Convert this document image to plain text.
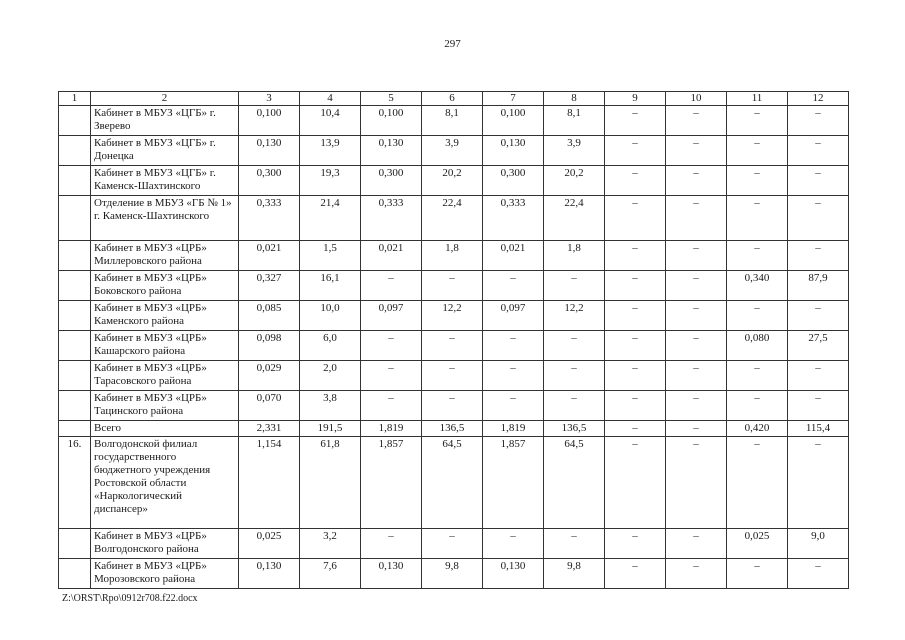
297
1	2	3	4	5	6	7	8	9	10	11	12
	Кабинет в МБУЗ «ЦГБ» г. Зверево	0,100	10,4	0,100	8,1	0,100	8,1	–	–	–	–
	Кабинет в МБУЗ «ЦГБ» г. Донецка	0,130	13,9	0,130	3,9	0,130	3,9	–	–	–	–
	Кабинет в МБУЗ «ЦГБ» г. Каменск-Шахтинского	0,300	19,3	0,300	20,2	0,300	20,2	–	–	–	–
	Отделение в МБУЗ «ГБ № 1» г. Каменск-Шахтинского	0,333	21,4	0,333	22,4	0,333	22,4	–	–	–	–
	Кабинет в МБУЗ «ЦРБ» Миллеровского района	0,021	1,5	0,021	1,8	0,021	1,8	–	–	–	–
	Кабинет в МБУЗ «ЦРБ» Боковского района	0,327	16,1	–	–	–	–	–	–	0,340	87,9
	Кабинет в МБУЗ «ЦРБ» Каменского района	0,085	10,0	0,097	12,2	0,097	12,2	–	–	–	–
	Кабинет в МБУЗ «ЦРБ» Кашарского района	0,098	6,0	–	–	–	–	–	–	0,080	27,5
	Кабинет в МБУЗ «ЦРБ» Тарасовского района	0,029	2,0	–	–	–	–	–	–	–	–
	Кабинет в МБУЗ «ЦРБ» Тацинского района	0,070	3,8	–	–	–	–	–	–	–	–
	Всего	2,331	191,5	1,819	136,5	1,819	136,5	–	–	0,420	115,4
16.	Волгодонской филиал государственного бюджетного учреждения Ростовской области «Наркологический диспансер»	1,154	61,8	1,857	64,5	1,857	64,5	–	–	–	–
	Кабинет в МБУЗ «ЦРБ» Волгодонского района	0,025	3,2	–	–	–	–	–	–	0,025	9,0
	Кабинет в МБУЗ «ЦРБ» Морозовского района	0,130	7,6	0,130	9,8	0,130	9,8	–	–	–	–
Z:\ORST\Rpo\0912r708.f22.docx
